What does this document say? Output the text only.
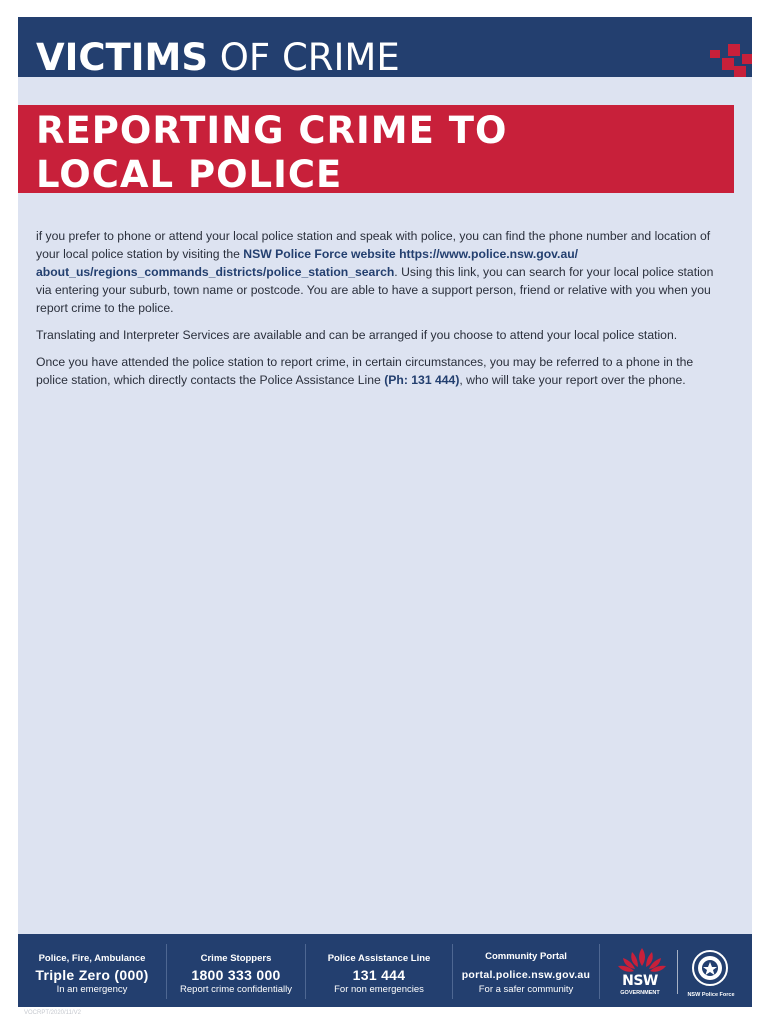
VICTIMS OF CRIME
REPORTING CRIME TO
LOCAL POLICE

if you prefer to phone or attend your local police station and speak with police, you can find the phone number and location of your local police station by visiting the NSW Police Force website https://www.police.nsw.gov.au/ about_us/regions_commands_districts/police_station_search. Using this link, you can search for your local police station via entering your suburb, town name or postcode. You are able to have a support person, friend or relative with you when you report crime to the police.

Translating and Interpreter Services are available and can be arranged if you choose to attend your local police station.

Once you have attended the police station to report crime, in certain circumstances, you may be referred to a phone in the police station, which directly contacts the Police Assistance Line (Ph: 131 444), who will take your report over the phone.

Police, Fire, Ambulance
Triple Zero (000)
In an emergency
Crime Stoppers
1800 333 000
Report crime confidentially
Police Assistance Line
131 444
For non emergencies
Community Portal
portal.police.nsw.gov.au
For a safer community
NSW
GOVERNMENT	NSW Police Force
VOCRPT/2020/11/V2
